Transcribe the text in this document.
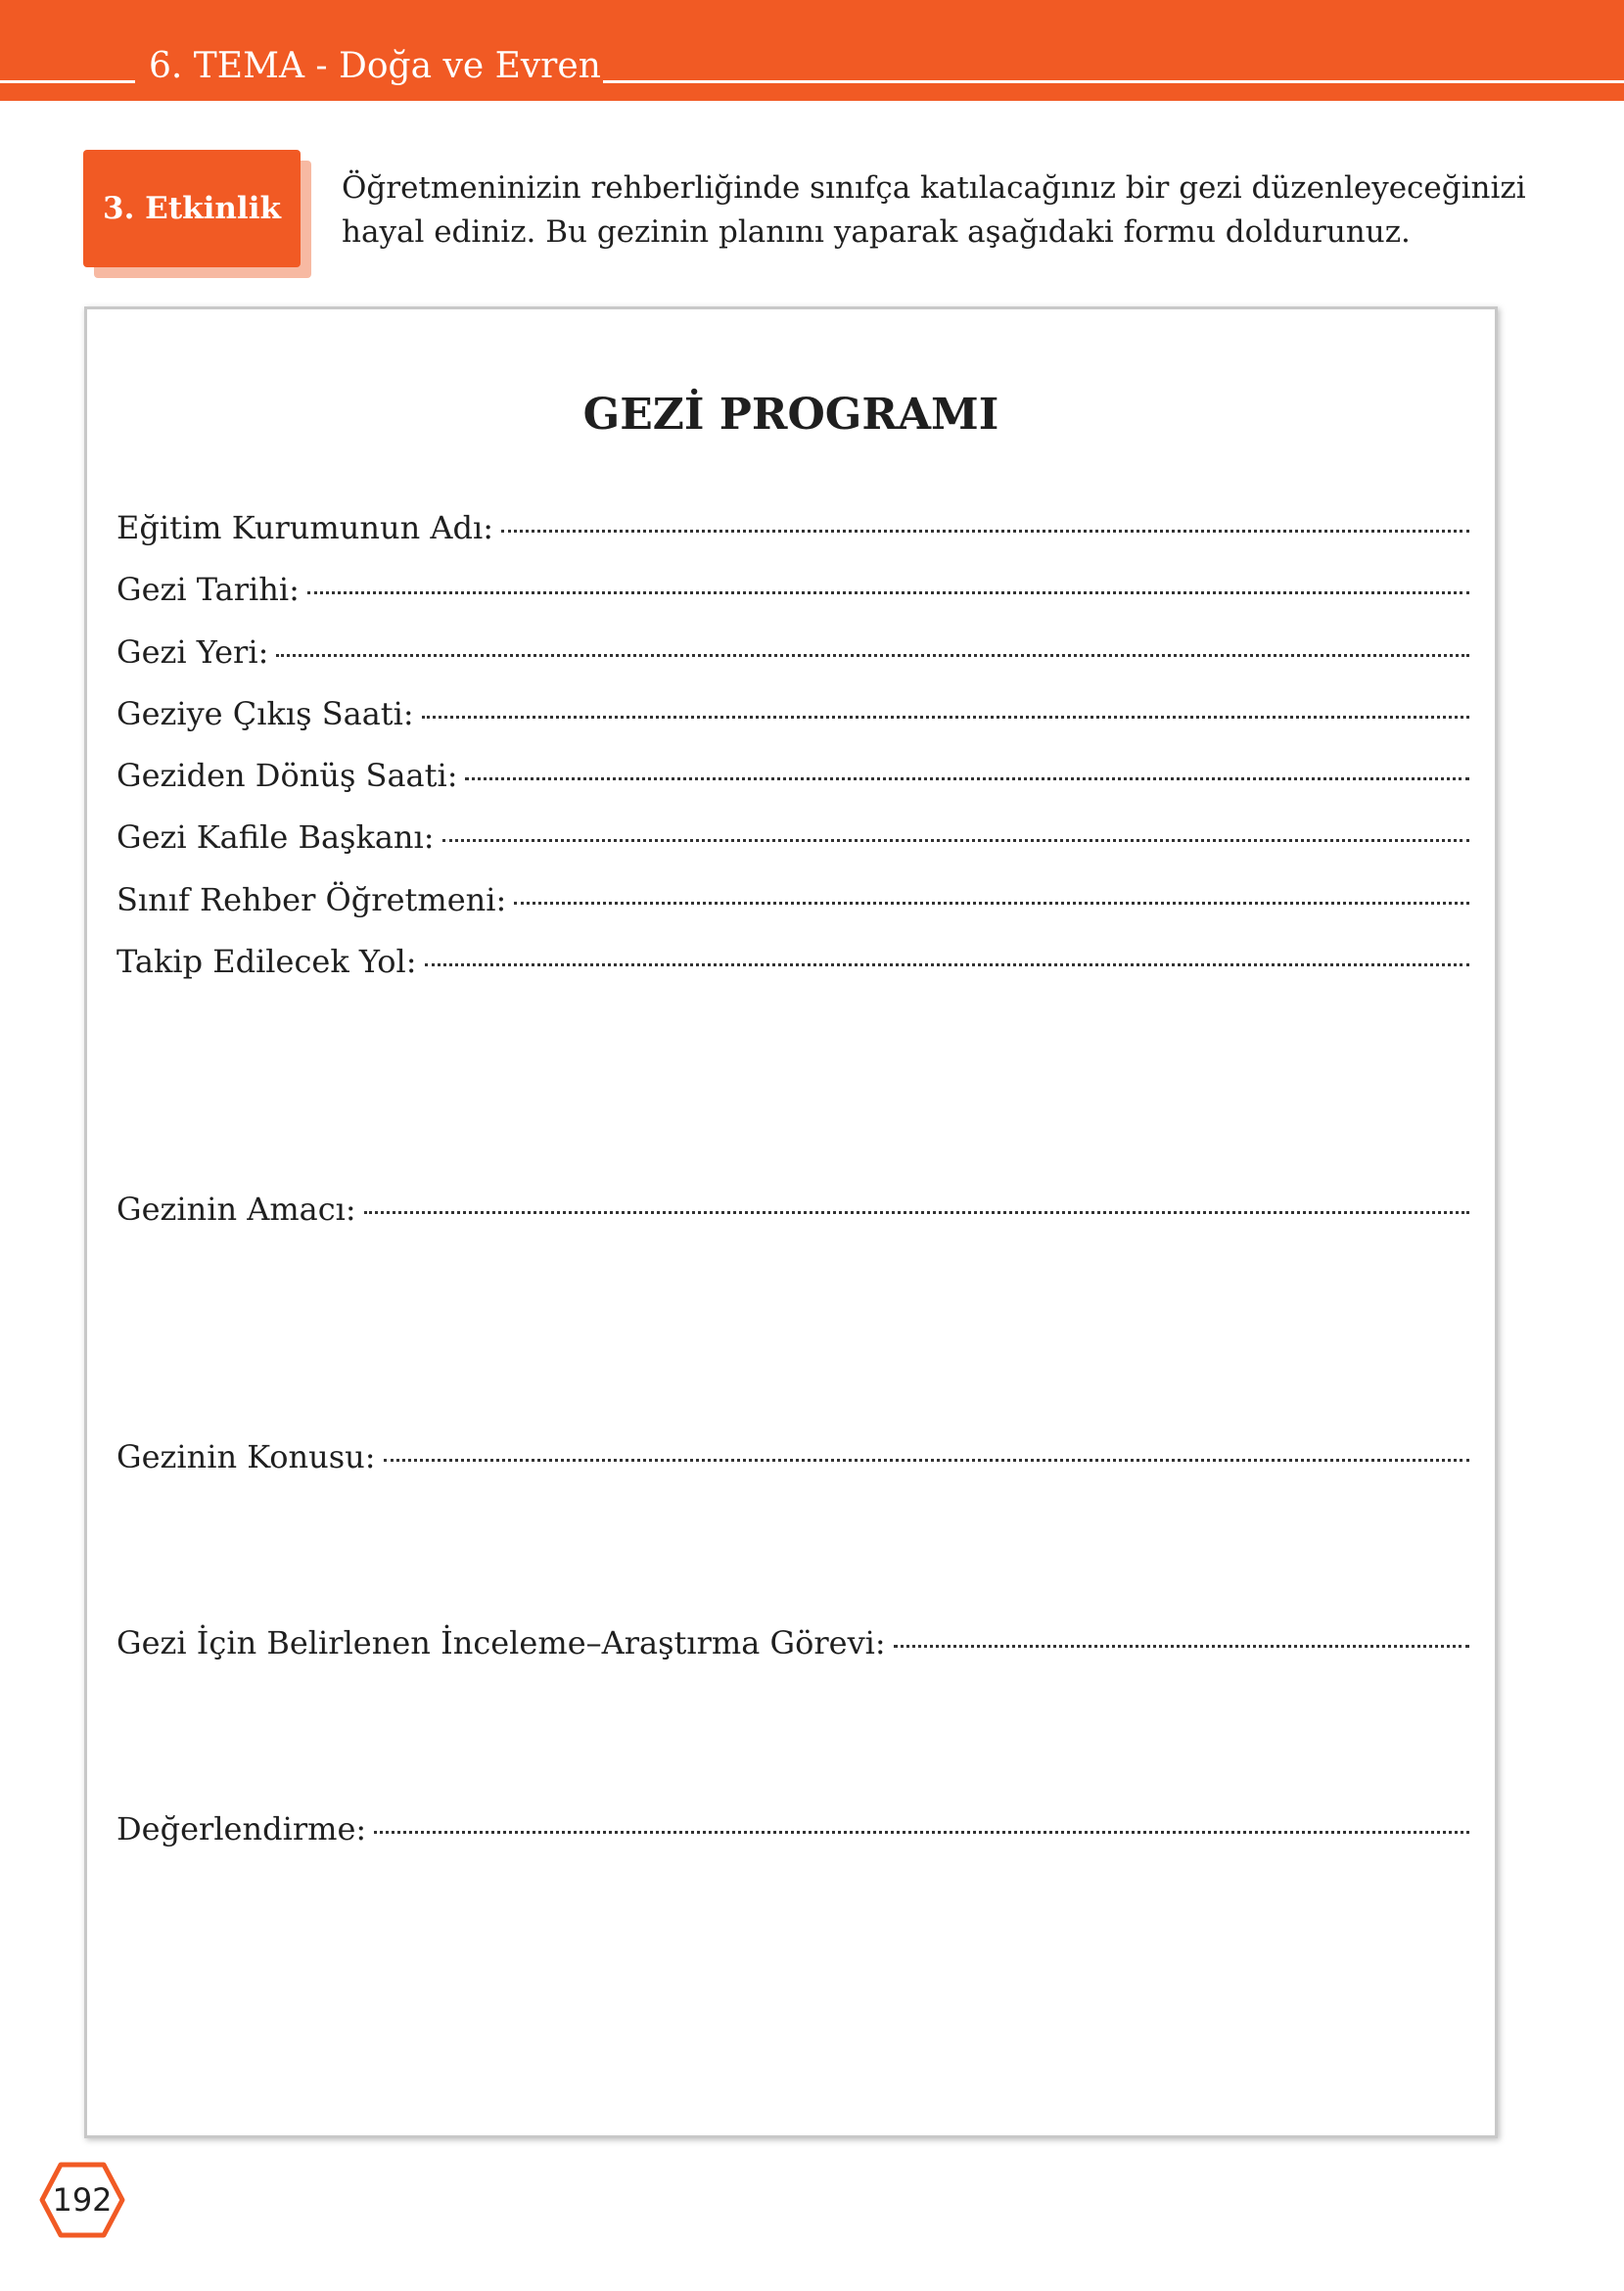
6. TEMA - Doğa ve Evren
3. Etkinlik
Öğretmeninizin rehberliğinde sınıfça katılacağınız bir gezi düzenleyeceğinizi
hayal ediniz. Bu gezinin planını yaparak aşağıdaki formu doldurunuz.
GEZİ PROGRAMI
Eğitim Kurumunun Adı:
Gezi Tarihi:
Gezi Yeri:
Geziye Çıkış Saati:
Geziden Dönüş Saati:
Gezi Kafile Başkanı:
Sınıf Rehber Öğretmeni:
Takip Edilecek Yol:
Gezinin Amacı:
Gezinin Konusu:
Gezi İçin Belirlenen İnceleme–Araştırma Görevi:
Değerlendirme:
192
